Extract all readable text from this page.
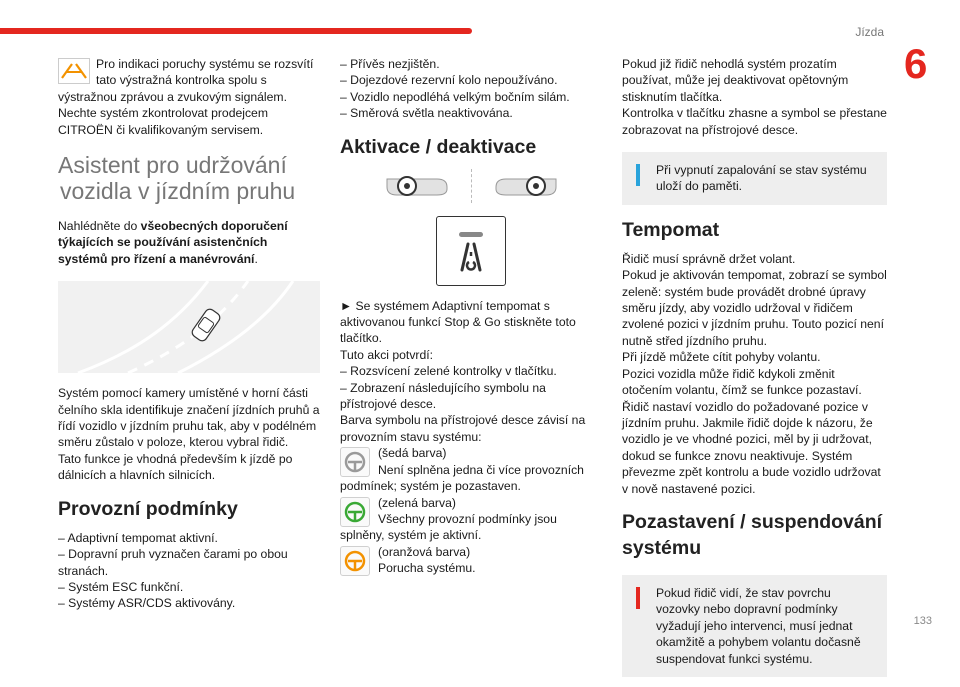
Jízda
6
133

Pro indikaci poruchy systému se rozsvítí tato výstražná kontrolka spolu s výstražnou zprávou a zvukovým signálem.

Nechte systém zkontrolovat prodejcem CITROËN či kvalifikovaným servisem.

Asistent pro udržování
vozidla v jízdním pruhu

Nahlédněte do všeobecných doporučení týkajících se používání asistenčních systémů pro řízení a manévrování.

Systém pomocí kamery umístěné v horní části čelního skla identifikuje značení jízdních pruhů a řídí vozidlo v jízdním pruhu tak, aby v podélném směru zůstalo v poloze, kterou vybral řidič.

Tato funkce je vhodná především k jízdě po dálnicích a hlavních silnicích.

Provozní podmínky

– Adaptivní tempomat aktivní.

– Dopravní pruh vyznačen čarami po obou stranách.

– Systém ESC funkční.

– Systémy ASR/CDS aktivovány.

– Přívěs nezjištěn.

– Dojezdové rezervní kolo nepoužíváno.

– Vozidlo nepodléhá velkým bočním silám.

– Směrová světla neaktivována.

Aktivace / deaktivace

► Se systémem Adaptivní tempomat s aktivovanou funkcí Stop & Go stiskněte toto tlačítko.

Tuto akci potvrdí:

– Rozsvícení zelené kontrolky v tlačítku.

– Zobrazení následujícího symbolu na přístrojové desce.

Barva symbolu na přístrojové desce závisí na provozním stavu systému:

(šedá barva)

Není splněna jedna či více provozních podmínek; systém je pozastaven.

(zelená barva)

Všechny provozní podmínky jsou splněny, systém je aktivní.

(oranžová barva)

Porucha systému.

Pokud již řidič nehodlá systém prozatím používat, může jej deaktivovat opětovným stisknutím tlačítka.

Kontrolka v tlačítku zhasne a symbol se přestane zobrazovat na přístrojové desce.

Při vypnutí zapalování se stav systému uloží do paměti.

Tempomat

Řidič musí správně držet volant.

Pokud je aktivován tempomat, zobrazí se symbol zeleně: systém bude provádět drobné úpravy směru jízdy, aby vozidlo udržoval v řidičem zvolené pozici v jízdním pruhu. Touto pozicí není nutně střed jízdního pruhu.

Při jízdě můžete cítit pohyby volantu.

Pozici vozidla může řidič kdykoli změnit otočením volantu, čímž se funkce pozastaví.

Řidič nastaví vozidlo do požadované pozice v jízdním pruhu. Jakmile řidič dojde k názoru, že vozidlo je ve vhodné pozici, měl by ji udržovat, dokud se funkce znovu neaktivuje. Systém převezme zpět kontrolu a bude vozidlo udržovat v nově nastavené pozici.

Pozastavení / suspendování systému

Pokud řidič vidí, že stav povrchu vozovky nebo dopravní podmínky vyžadují jeho intervenci, musí jednat okamžitě a pohybem volantu dočasně suspendovat funkci systému.
